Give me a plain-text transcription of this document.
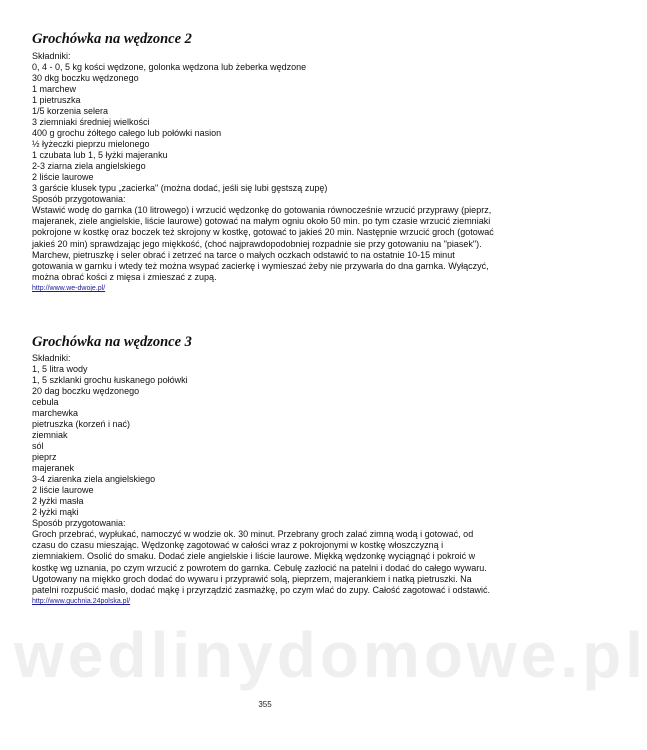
wedlinydomowe.pl
Grochówka na wędzonce 2

Składniki:

0, 4 - 0, 5 kg kości wędzone, golonka wędzona lub żeberka wędzone

30 dkg boczku wędzonego

1 marchew

1 pietruszka

1/5 korzenia selera

3 ziemniaki średniej wielkości

400 g grochu żółtego całego lub połówki nasion

½ łyżeczki pieprzu mielonego

1 czubata lub 1, 5 łyżki majeranku

2-3 ziarna ziela angielskiego

2 liście laurowe

3 garście klusek typu „zacierka" (można dodać, jeśli się lubi gęstszą zupę)

Sposób przygotowania:

Wstawić wodę do garnka (10 litrowego) i wrzucić wędzonkę do gotowania równocześnie wrzucić przyprawy (pieprz, majeranek, ziele angielskie, liście laurowe) gotować na małym ogniu około 50 min. po tym czasie wrzucić ziemniaki pokrojone w kostkę oraz boczek też skrojony w kostkę, gotować to jakieś 20 min. Następnie wrzucić groch (gotować jakieś 20 min) sprawdzając jego miękkość, (choć najprawdopodobniej rozpadnie sie przy gotowaniu na "piasek"). Marchew, pietruszkę i seler obrać i zetrzeć na tarce o małych oczkach odstawić to na ostatnie 10-15 minut gotowania w garnku i wtedy też można wsypać zacierkę i wymieszać żeby nie przywarła do dna garnka. Wyłączyć, można obrać kości z mięsa i zmieszać z zupą.

http://www.we-dwoje.pl/
Grochówka na wędzonce 3

Składniki:

1, 5 litra wody

1, 5 szklanki grochu łuskanego połówki

20 dag boczku wędzonego

cebula

marchewka

pietruszka (korzeń i nać)

ziemniak

sól

pieprz

majeranek

3-4 ziarenka ziela angielskiego

2 liście laurowe

2 łyżki masła

2 łyżki mąki

Sposób przygotowania:

Groch przebrać, wypłukać, namoczyć w wodzie ok. 30 minut. Przebrany groch zalać zimną wodą i gotować, od czasu do czasu mieszając. Wędzonkę zagotować w całości wraz z pokrojonymi w kostkę włoszczyzną i ziemniakiem. Osolić do smaku. Dodać ziele angielskie i liście laurowe. Miękką wędzonkę wyciągnąć i pokroić w kostkę wg uznania, po czym wrzucić z powrotem do garnka. Cebulę zazłocić na patelni i dodać do całego wywaru. Ugotowany na miękko groch dodać do wywaru i przyprawić solą, pieprzem, majerankiem i natką pietruszki. Na patelni rozpuścić masło, dodać mąkę i przyrządzić zasmażkę, po czym wlać do zupy. Całość zagotować i odstawić.

http://www.guchnia.24polska.pl/
355
